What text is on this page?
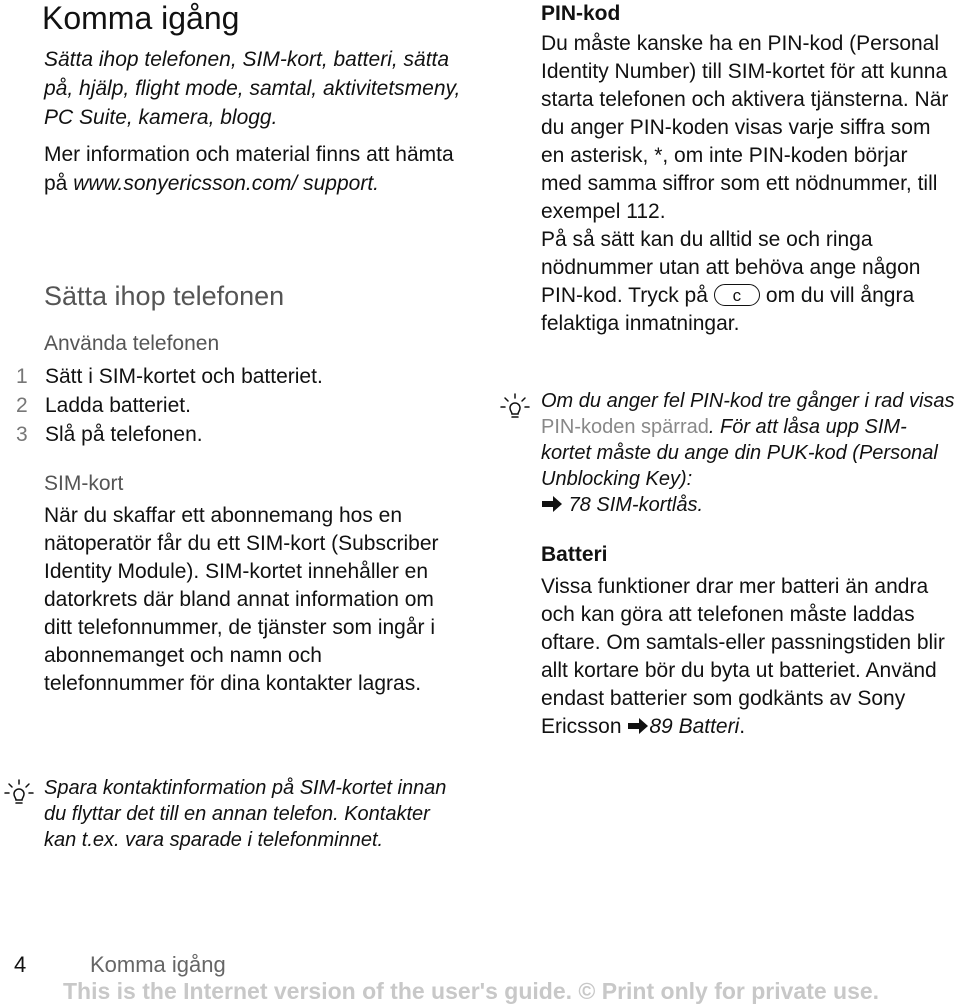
Komma igång
Sätta ihop telefonen, SIM-kort, batteri, sätta på, hjälp, flight mode, samtal, aktivitetsmeny, PC Suite, kamera, blogg.
Mer information och material finns att hämta på www.sonyericsson.com/ support.
Sätta ihop telefonen
Använda telefonen
1 Sätt i SIM-kortet och batteriet.
2 Ladda batteriet.
3 Slå på telefonen.
SIM-kort
När du skaffar ett abonnemang hos en nätoperatör får du ett SIM-kort (Subscriber Identity Module). SIM-kortet innehåller en datorkrets där bland annat information om ditt telefonnummer, de tjänster som ingår i abonnemanget och namn och telefonnummer för dina kontakter lagras.
Spara kontaktinformation på SIM-kortet innan du flyttar det till en annan telefon. Kontakter kan t.ex. vara sparade i telefonminnet.
PIN-kod
Du måste kanske ha en PIN-kod (Personal Identity Number) till SIM-kortet för att kunna starta telefonen och aktivera tjänsterna. När du anger PIN-koden visas varje siffra som en asterisk, *, om inte PIN-koden börjar med samma siffror som ett nödnummer, till exempel 112.
På så sätt kan du alltid se och ringa nödnummer utan att behöva ange någon PIN-kod. Tryck på c om du vill ångra felaktiga inmatningar.
Om du anger fel PIN-kod tre gånger i rad visas PIN-koden spärrad. För att låsa upp SIM-kortet måste du ange din PUK-kod (Personal Unblocking Key):
78 SIM-kortlås.
Batteri
Vissa funktioner drar mer batteri än andra och kan göra att telefonen måste laddas oftare. Om samtals-eller passningstiden blir allt kortare bör du byta ut batteriet. Använd endast batterier som godkänts av Sony Ericsson 89 Batteri.
4	Komma igång
This is the Internet version of the user's guide. © Print only for private use.
